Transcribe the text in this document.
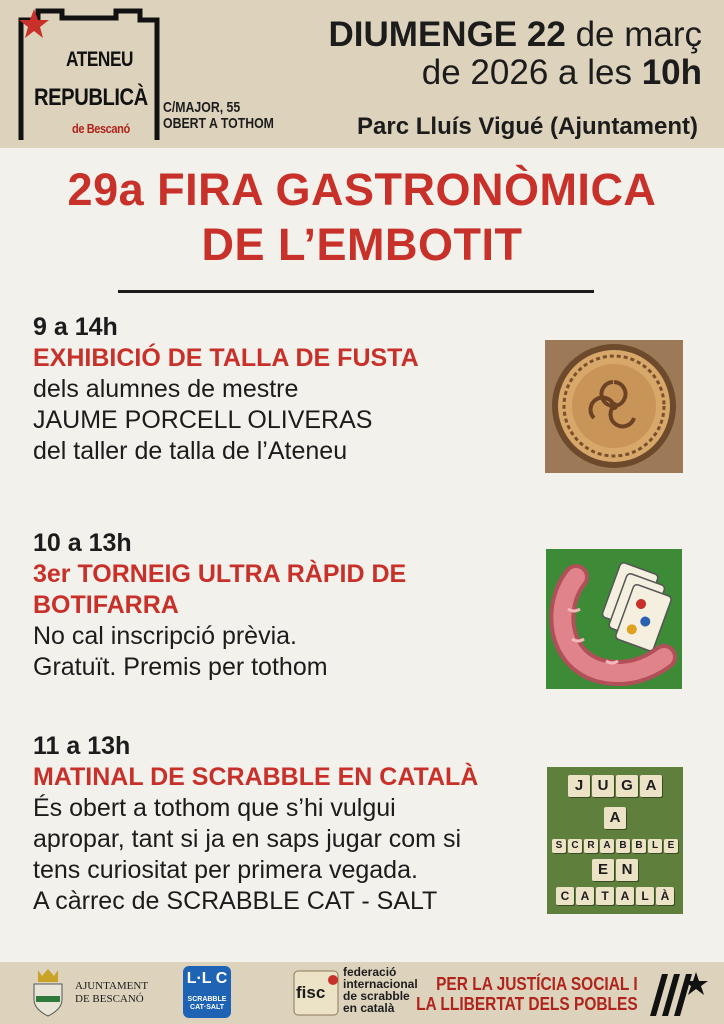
ATENEU
REPUBLICÀ
de Bescanó
C/MAJOR, 55
OBERT A TOTHOM
DIUMENGE 22 de març
de 2026 a les 10h
Parc Lluís Vigué (Ajuntament)
29a FIRA GASTRONÒMICA
DE L’EMBOTIT
9 a 14h
EXHIBICIÓ DE TALLA DE FUSTA
dels alumnes de mestre
JAUME PORCELL OLIVERAS
del taller de talla de l’Ateneu
10 a 13h
3er TORNEIG ULTRA RÀPID DE
BOTIFARRA
No cal inscripció prèvia.
Gratuït. Premis per tothom
11 a 13h
MATINAL DE SCRABBLE EN CATALÀ
És obert a tothom que s’hi vulgui
apropar, tant si ja en saps jugar com si
tens curiositat per primera vegada.
A càrrec de SCRABBLE CAT - SALT
J U G A
A
S C R A B B L E
E N
C A	T A	L À
AJUNTAMENT
DE BESCANÓ
L·L C
SCRABBLE
CAT·SALT
fisc
federació
internacional
de scrabble
en català
PER LA JUSTÍCIA SOCIAL I
LA LLIBERTAT DELS POBLES
